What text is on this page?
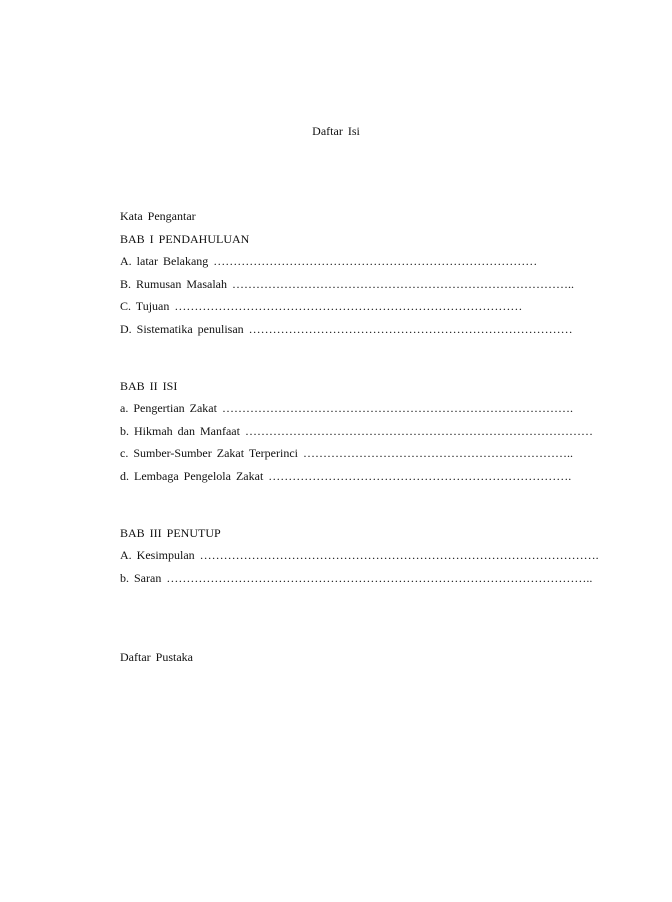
Daftar Isi
Kata Pengantar
BAB I PENDAHULUAN
A. latar Belakang ………………………………………………………………………
B. Rumusan Masalah …………………………………………………………………………..
C. Tujuan ……………………………………………………………………………
D. Sistematika penulisan ………………………………………………………………………
BAB II ISI
a. Pengertian Zakat …………………………………………………………………………….
b. Hikmah dan Manfaat ……………………………………………………………………………
c. Sumber-Sumber Zakat Terperinci …………………………………………………………..
d. Lembaga Pengelola Zakat ………………………………………………………………….
BAB III PENUTUP
A. Kesimpulan ……………………………………………………………………………………….
b. Saran ……………………………………………………………………………………………..
Daftar Pustaka
